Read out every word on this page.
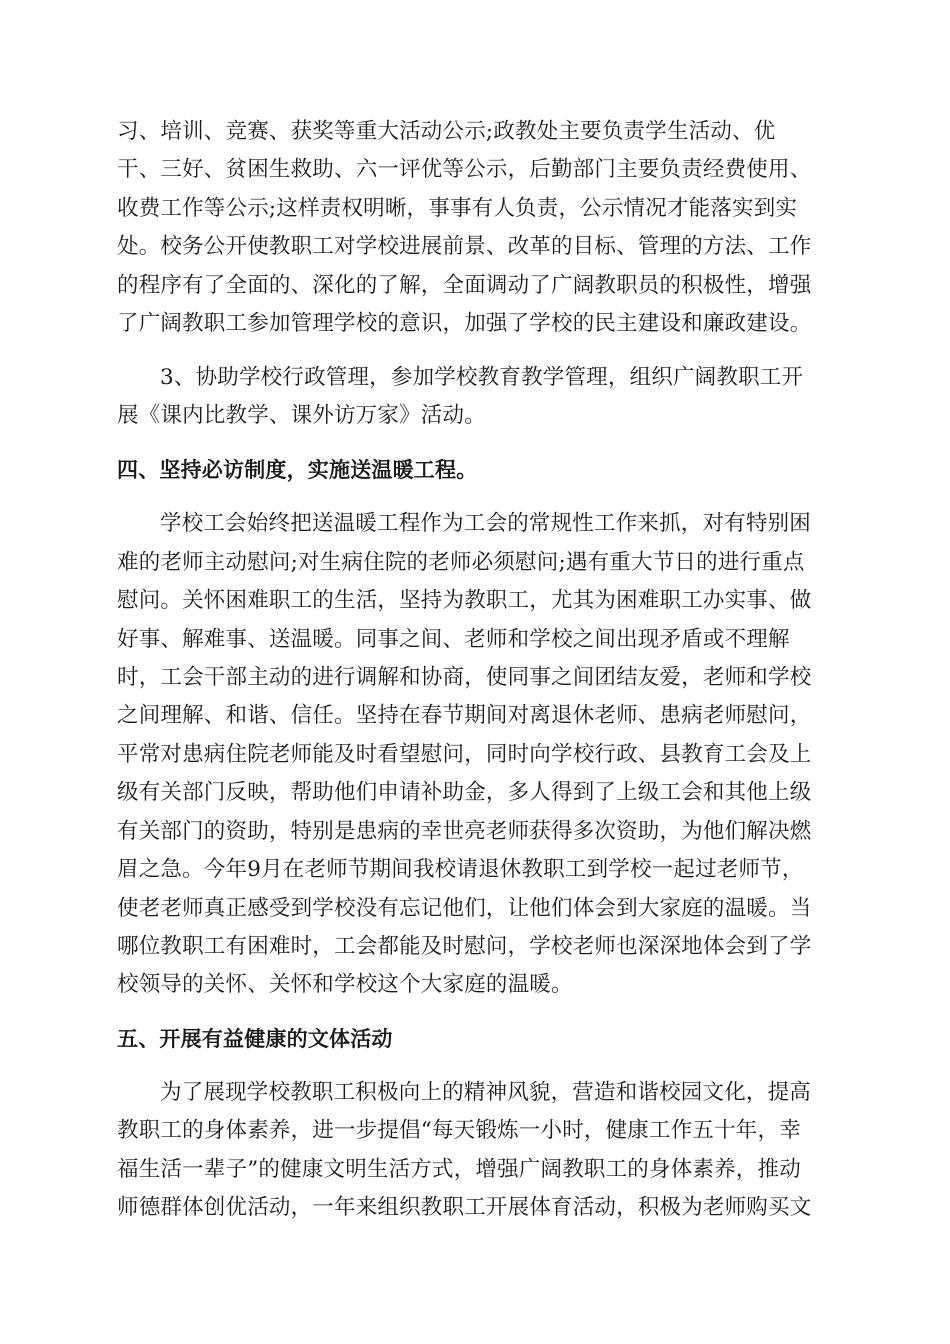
习、培训、竞赛、获奖等重大活动公示;政教处主要负责学生活动、优
干、三好、贫困生救助、六一评优等公示，后勤部门主要负责经费使用、
收费工作等公示;这样责权明晰，事事有人负责，公示情况才能落实到实
处。校务公开使教职工对学校进展前景、改革的目标、管理的方法、工作
的程序有了全面的、深化的了解，全面调动了广阔教职员的积极性，增强
了广阔教职工参加管理学校的意识，加强了学校的民主建设和廉政建设。
3、协助学校行政管理，参加学校教育教学管理，组织广阔教职工开
展《课内比教学、课外访万家》活动。
四、坚持必访制度，实施送温暖工程。
学校工会始终把送温暖工程作为工会的常规性工作来抓，对有特别困
难的老师主动慰问;对生病住院的老师必须慰问;遇有重大节日的进行重点
慰问。关怀困难职工的生活，坚持为教职工，尤其为困难职工办实事、做
好事、解难事、送温暖。同事之间、老师和学校之间出现矛盾或不理解
时，工会干部主动的进行调解和协商，使同事之间团结友爱，老师和学校
之间理解、和谐、信任。坚持在春节期间对离退休老师、患病老师慰问，
平常对患病住院老师能及时看望慰问，同时向学校行政、县教育工会及上
级有关部门反映，帮助他们申请补助金，多人得到了上级工会和其他上级
有关部门的资助，特别是患病的幸世亮老师获得多次资助，为他们解决燃
眉之急。今年9月在老师节期间我校请退休教职工到学校一起过老师节，
使老老师真正感受到学校没有忘记他们，让他们体会到大家庭的温暖。当
哪位教职工有困难时，工会都能及时慰问，学校老师也深深地体会到了学
校领导的关怀、关怀和学校这个大家庭的温暖。
五、开展有益健康的文体活动
为了展现学校教职工积极向上的精神风貌，营造和谐校园文化，提高
教职工的身体素养，进一步提倡“每天锻炼一小时，健康工作五十年，幸
福生活一辈子”的健康文明生活方式，增强广阔教职工的身体素养，推动
师德群体创优活动，一年来组织教职工开展体育活动，积极为老师购买文
